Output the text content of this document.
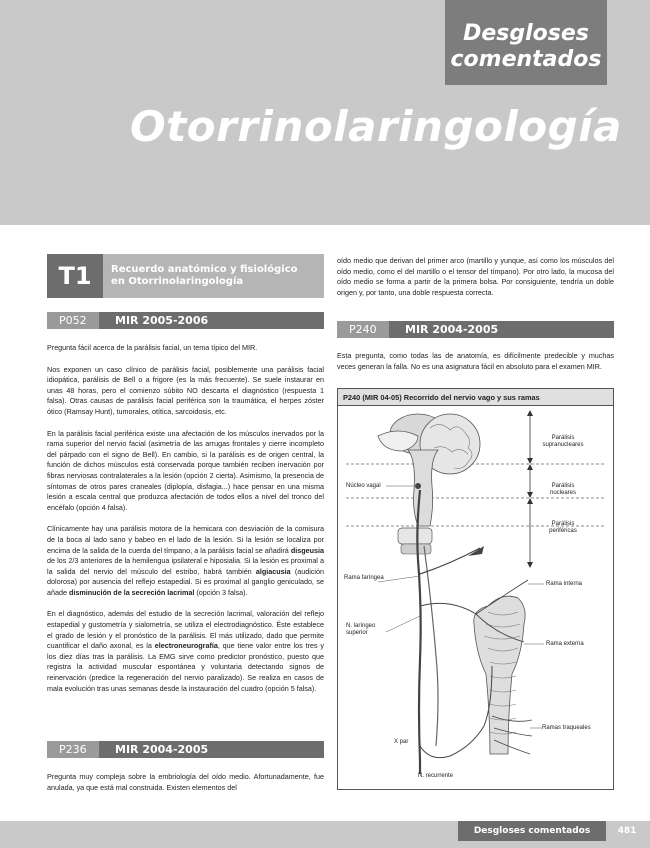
Desgloses
comentados
Otorrinolaringología
T1	Recuerdo anatómico y fisiológico
en Otorrinolaringología
P052	MIR 2005-2006

Pregunta fácil acerca de la parálisis facial, un tema típico del MIR.

Nos exponen un caso clínico de parálisis facial, posiblemente una parálisis facial idiopática, parálisis de Bell o a frigore (es la más frecuente). Se suele instaurar en unas 48 horas, pero el comienzo súbito NO descarta el diagnóstico (respuesta 1 falsa). Otras causas de parálisis facial periférica son la traumática, el herpes zóster ótico (Ramsay Hunt), tumorales, otítica, sarcoidosis, etc.

En la parálisis facial periférica existe una afectación de los músculos inervados por la rama superior del nervio facial (asimetría de las arrugas frontales y cierre incompleto del párpado con el signo de Bell). En cambio, si la parálisis es de origen central, la función de dichos músculos está conservada porque también reciben inervación por fibras nerviosas contralaterales a la lesión (opción 2 cierta). Asimismo, la presencia de síntomas de otros pares craneales (diplopía, disfagia...) hace pensar en una misma lesión a escala central que produzca afectación de todos ellos a nivel del tronco del encéfalo (opción 4 falsa).

Clínicamente hay una parálisis motora de la hemicara con desviación de la comisura de la boca al lado sano y babeo en el lado de la lesión. Si la lesión se localiza por encima de la salida de la cuerda del tímpano, a la parálisis facial se añadirá disgeusia de los 2/3 anteriores de la hemilengua ipsilateral e hiposialia. Si la lesión es proximal a la salida del nervio del músculo del estribo, habrá también algiacusia (audición dolorosa) por ausencia del reflejo estapedial. Si es proximal al ganglio geniculado, se añade disminución de la secreción lacrimal (opción 3 falsa).

En el diagnóstico, además del estudio de la secreción lacrimal, valoración del reflejo estapedial y gustometría y sialometría, se utiliza el electrodiagnóstico. Éste establece el grado de lesión y el pronóstico de la parálisis. El más utilizado, dado que permite cuantificar el daño axonal, es la electroneurografía, que tiene valor entre los tres y los diez días tras la parálisis. La EMG sirve como predictor pronóstico, puesto que registra la actividad muscular espontánea y voluntaria detectando signos de reinervación (predice la regeneración del nervio paralizado). Se realiza en casos de mala evolución tras unas semanas desde la instauración del cuadro (opción 5 falsa).

P236	MIR 2004-2005

Pregunta muy compleja sobre la embriología del oído medio. Afortunadamente, fue anulada, ya que está mal construida. Existen elementos del

oído medio que derivan del primer arco (martillo y yunque, así como los músculos del oído medio, como el del martillo o el tensor del tímpano). Por otro lado, la mucosa del oído medio se forma a partir de la primera bolsa. Por consiguiente, tendría un doble origen y, por tanto, una doble respuesta correcta.

P240	MIR 2004-2005

Esta pregunta, como todas las de anatomía, es difícilmente predecible y muchas veces generan la falla. No es una asignatura fácil en absoluto para el examen MIR.

P240 (MIR 04-05) Recorrido del nervio vago y sus ramas
Parálisis supranucleares
Parálisis nucleares
Parálisis periféricas
Núcleo vagal
Rama faríngea
Rama interna
N. laríngeo superior
Rama externa
Ramas traqueales
X par
N. recurrente
Desgloses comentados	481
